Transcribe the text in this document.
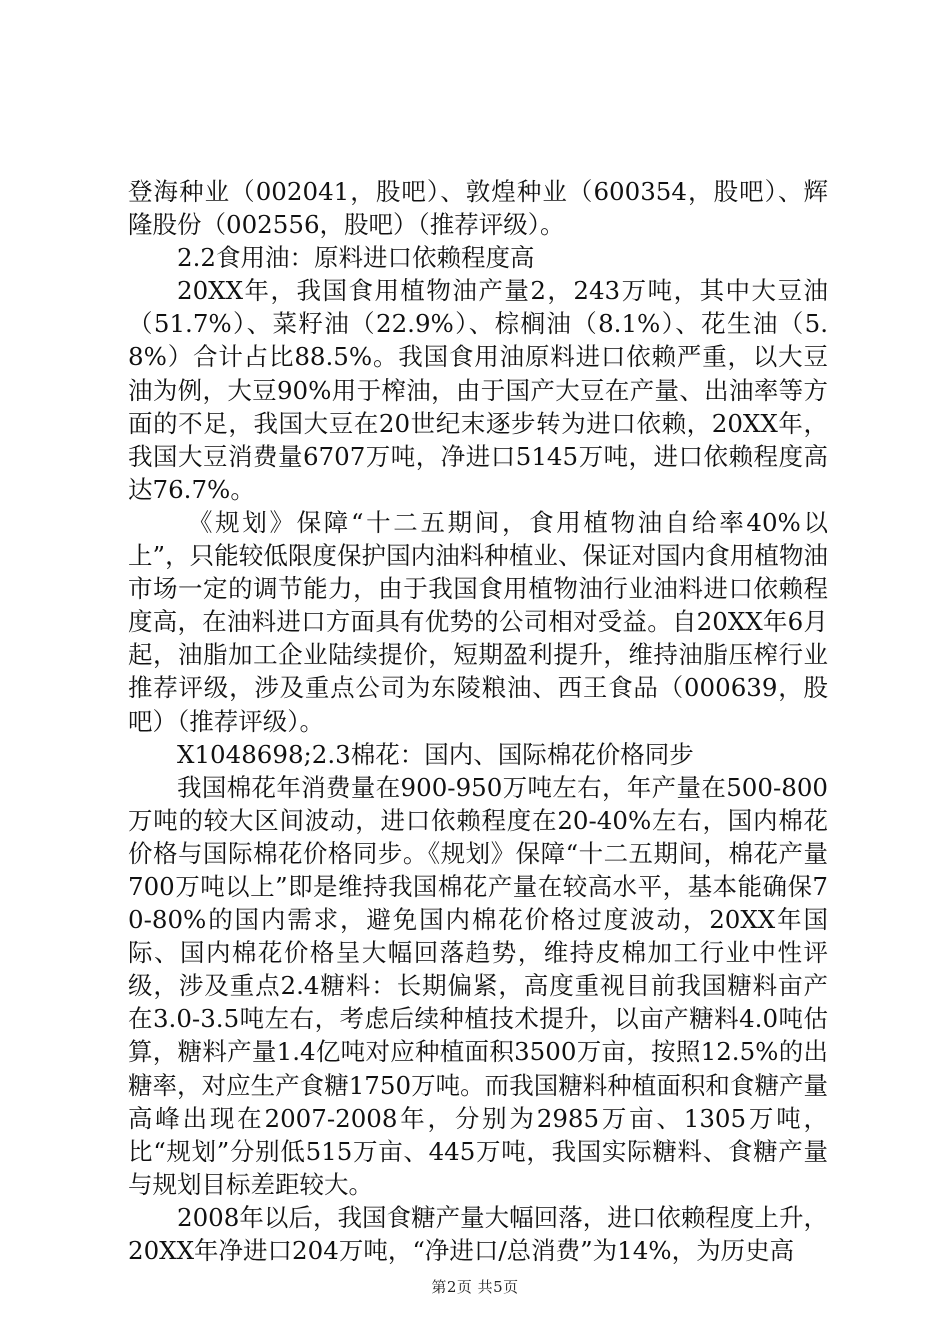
登海种业（002041，股吧）、敦煌种业（600354，股吧）、辉隆股份（002556，股吧）（推荐评级）。

2.2食用油：原料进口依赖程度高

20XX年，我国食用植物油产量2，243万吨，其中大豆油（51.7%）、菜籽油（22.9%）、棕榈油（8.1%）、花生油（5.8%）合计占比88.5%。我国食用油原料进口依赖严重，以大豆油为例，大豆90%用于榨油，由于国产大豆在产量、出油率等方面的不足，我国大豆在20世纪末逐步转为进口依赖，20XX年，我国大豆消费量6707万吨，净进口5145万吨，进口依赖程度高达76.7%。

《规划》保障“十二五期间，食用植物油自给率40%以上”，只能较低限度保护国内油料种植业、保证对国内食用植物油市场一定的调节能力，由于我国食用植物油行业油料进口依赖程度高，在油料进口方面具有优势的公司相对受益。自20XX年6月起，油脂加工企业陆续提价，短期盈利提升，维持油脂压榨行业推荐评级，涉及重点公司为东陵粮油、西王食品（000639，股吧）（推荐评级）。

X1048698;2.3棉花：国内、国际棉花价格同步

我国棉花年消费量在900-950万吨左右，年产量在500-800万吨的较大区间波动，进口依赖程度在20-40%左右，国内棉花价格与国际棉花价格同步。《规划》保障“十二五期间，棉花产量700万吨以上”即是维持我国棉花产量在较高水平，基本能确保70-80%的国内需求，避免国内棉花价格过度波动，20XX年国际、国内棉花价格呈大幅回落趋势，维持皮棉加工行业中性评级，涉及重点2.4糖料：长期偏紧，高度重视目前我国糖料亩产在3.0-3.5吨左右，考虑后续种植技术提升，以亩产糖料4.0吨估算，糖料产量1.4亿吨对应种植面积3500万亩，按照12.5%的出糖率，对应生产食糖1750万吨。而我国糖料种植面积和食糖产量高峰出现在2007-2008年，分别为2985万亩、1305万吨，比“规划”分别低515万亩、445万吨，我国实际糖料、食糖产量与规划目标差距较大。

2008年以后，我国食糖产量大幅回落，进口依赖程度上升，20XX年净进口204万吨，“净进口/总消费”为14%，为历史高

第2页 共5页
